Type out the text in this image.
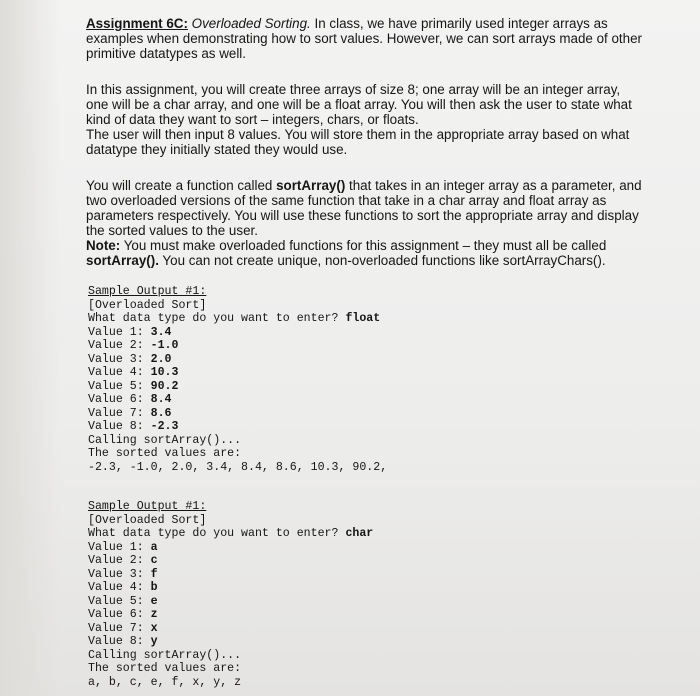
Assignment 6C: Overloaded Sorting. In class, we have primarily used integer arrays as examples when demonstrating how to sort values. However, we can sort arrays made of other primitive datatypes as well.

In this assignment, you will create three arrays of size 8; one array will be an integer array, one will be a char array, and one will be a float array. You will then ask the user to state what kind of data they want to sort – integers, chars, or floats.
The user will then input 8 values. You will store them in the appropriate array based on what datatype they initially stated they would use.

You will create a function called sortArray() that takes in an integer array as a parameter, and two overloaded versions of the same function that take in a char array and float array as parameters respectively. You will use these functions to sort the appropriate array and display the sorted values to the user.
Note: You must make overloaded functions for this assignment – they must all be called sortArray(). You can not create unique, non-overloaded functions like sortArrayChars().

Sample Output #1:
[Overloaded Sort]
What data type do you want to enter? float
Value 1: 3.4
Value 2: -1.0
Value 3: 2.0
Value 4: 10.3
Value 5: 90.2
Value 6: 8.4
Value 7: 8.6
Value 8: -2.3
Calling sortArray()...
The sorted values are:
-2.3, -1.0, 2.0, 3.4, 8.4, 8.6, 10.3, 90.2,
Sample Output #1:
[Overloaded Sort]
What data type do you want to enter? char
Value 1: a
Value 2: c
Value 3: f
Value 4: b
Value 5: e
Value 6: z
Value 7: x
Value 8: y
Calling sortArray()...
The sorted values are:
a, b, c, e, f, x, y, z
